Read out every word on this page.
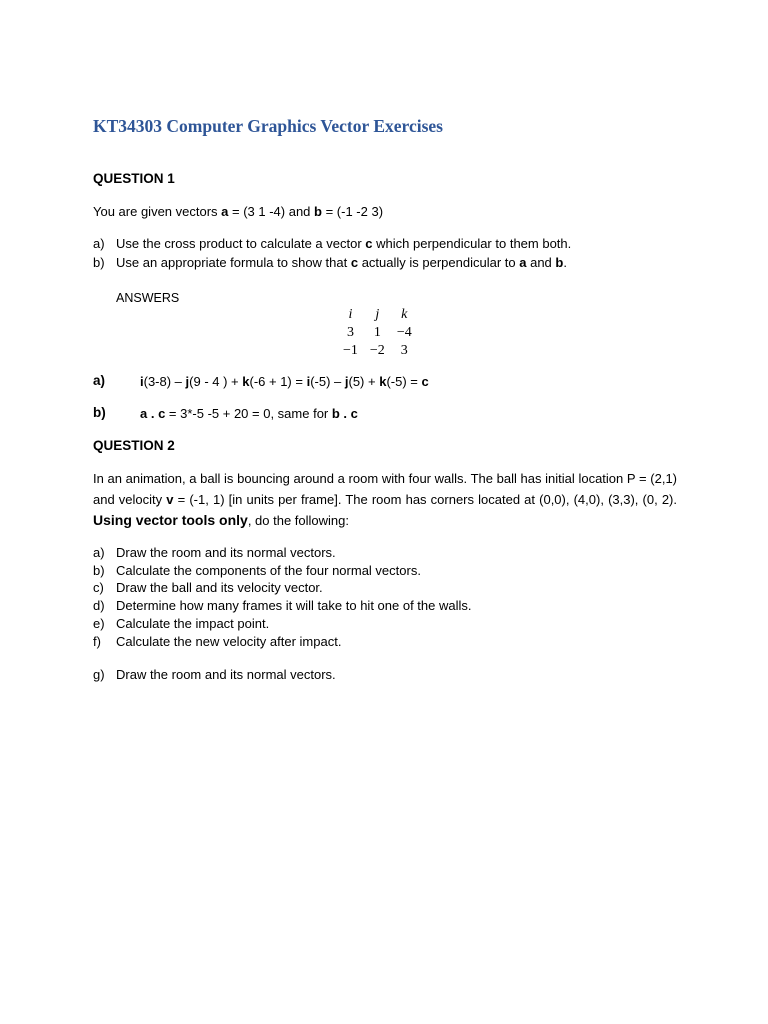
KT34303 Computer Graphics Vector Exercises
QUESTION 1
You are given vectors a = (3 1 -4) and b = (-1 -2 3)
a) Use the cross product to calculate a vector c which perpendicular to them both.
b) Use an appropriate formula to show that c actually is perpendicular to a and b.
ANSWERS
i	j	k
3	1	−4
−1	−2	3
a)	i(3-8) – j(9 - 4 ) + k(-6 + 1) = i(-5) – j(5) + k(-5) = c
b)	a . c = 3*-5 -5 + 20 = 0, same for b . c
QUESTION 2
In an animation, a ball is bouncing around a room with four walls. The ball has initial location P = (2,1) and velocity v = (-1, 1) [in units per frame]. The room has corners located at (0,0), (4,0), (3,3), (0, 2). Using vector tools only, do the following:
a) Draw the room and its normal vectors.
b) Calculate the components of the four normal vectors.
c) Draw the ball and its velocity vector.
d) Determine how many frames it will take to hit one of the walls.
e) Calculate the impact point.
f) Calculate the new velocity after impact.
g) Draw the room and its normal vectors.
